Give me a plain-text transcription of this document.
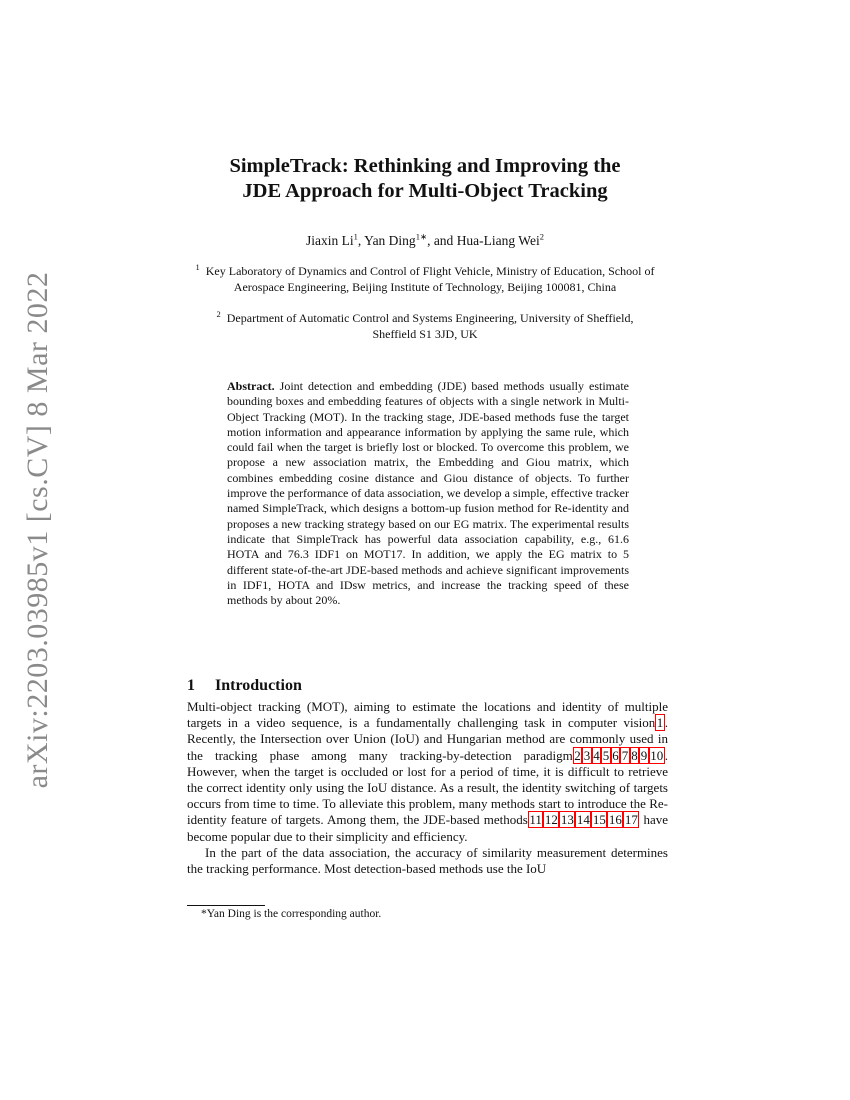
arXiv:2203.03985v1 [cs.CV] 8 Mar 2022
SimpleTrack: Rethinking and Improving the
JDE Approach for Multi-Object Tracking
Jiaxin Li$^1$, Yan Ding$^{1∗}$, and Hua-Liang Wei$^2$
$^1$ Key Laboratory of Dynamics and Control of Flight Vehicle, Ministry of Education, School of Aerospace Engineering, Beijing Institute of Technology, Beijing 100081, China
$^2$ Department of Automatic Control and Systems Engineering, University of Sheffield, Sheffield S1 3JD, UK
Abstract. Joint detection and embedding (JDE) based methods usually estimate bounding boxes and embedding features of objects with a single network in Multi-Object Tracking (MOT). In the tracking stage, JDE-based methods fuse the target motion information and appearance information by applying the same rule, which could fail when the target is briefly lost or blocked. To overcome this problem, we propose a new association matrix, the Embedding and Giou matrix, which combines embedding cosine distance and Giou distance of objects. To further improve the performance of data association, we develop a simple, effective tracker named SimpleTrack, which designs a bottom-up fusion method for Re-identity and proposes a new tracking strategy based on our EG matrix. The experimental results indicate that SimpleTrack has powerful data association capability, e.g., 61.6 HOTA and 76.3 IDF1 on MOT17. In addition, we apply the EG matrix to 5 different state-of-the-art JDE-based methods and achieve significant improvements in IDF1, HOTA and IDsw metrics, and increase the tracking speed of these methods by about 20%.
1 Introduction

Multi-object tracking (MOT), aiming to estimate the locations and identity of multiple targets in a video sequence, is a fundamentally challenging task in computer vision 1 . Recently, the Intersection over Union (IoU) and Hungarian method are commonly used in the tracking phase among many tracking-by-detection paradigm 2 3 4 5 6 7 8 9 10 . However, when the target is occluded or lost for a period of time, it is difficult to retrieve the correct identity only using the IoU distance. As a result, the identity switching of targets occurs from time to time. To alleviate this problem, many methods start to introduce the Re-identity feature of targets. Among them, the JDE-based methods 11 12 13 14 15 16 17 have become popular due to their simplicity and efficiency.

In the part of the data association, the accuracy of similarity measurement determines the tracking performance. Most detection-based methods use the IoU

*Yan Ding is the corresponding author.
